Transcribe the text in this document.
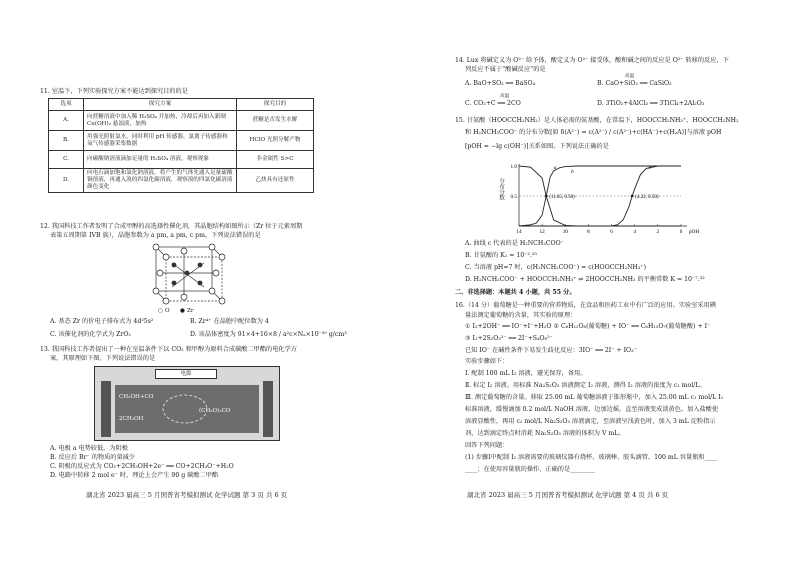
11. 室温下，下列实验探究方案不能达到探究目的的是
选项	探究方案	探究目的
A.	向蔗糖溶液中加入稀 H₂SO₄ 并加热，冷却后再加入新制 Cu(OH)₂ 悬浊液，加热	蔗糖是否发生水解
B.	用强光照射氯水，同时利用 pH 传感器、氯离子传感器和氧气传感器采集数据	HClO 光照分解产物
C.	向碳酸钠溶液滴加足量的 H₂SO₄ 溶液，观察现象	非金属性 S>C
D.	向电石滴加饱和氯化钠溶液，将产生的气体先通入足量硫酸铜溶液，再通入溴的四氯化碳溶液，观察溴的四氯化碳溶液颜色变化	乙炔具有还原性
12. 我国科技工作者发明了合成甲醇的高选择性催化剂，其晶胞结构如图所示（Zr 位于元素周期
表第五周期第 IVB 族），晶胞参数为 a pm, a pm, c pm。下列说法错误的是
○ O ● Zr
A. 基态 Zr 的价电子排布式为 4d²5s²	B. Zr⁴⁺ 在晶胞中配位数为 4
C. 该催化剂的化学式为 ZrO₂	D. 该晶体密度为 91×4+16×8 / a²c×Nₐ×10⁻³⁰ g/cm³
13. 我国科技工作者提出了一种在室温条件下以 CO₂ 和甲醇为原料合成碳酸二甲酯的电化学方
案，其原理如下图。下列说法错误的是
电源
CH₃OH+CO
2CH₃OH
(CH₃O)₂CO
A. 电极 a 电势较低，为阴极
B. 反应后 Br⁻ 的物质的量减少
C. 阴极的反应式为 CO₂+2CH₃OH+2e⁻ ══ CO+2CH₃O⁻+H₂O
D. 电路中转移 2 mol e⁻ 时，理论上会产生 90 g 碳酸二甲酯
湖北省 2023 届高三 5 月国普省考模拟测试 化学试题 第 3 页 共 6 页
14. Lux 将碱定义为 O²⁻ 给予体，酸定义为 O²⁻ 接受体，酸和碱之间的反应是 O²⁻ 转移的反应，下
列反应不属于“酸碱反应”的是
A. BaO+SO₂ ══ BaSO₄
高温
B. CaO+SiO₂ ══ CaSiO₃
高温
C. CO₂+C ══ 2CO	D. 3TiO₂+4AlCl₃ ══ 3TiCl₄+2Al₂O₃
15. 甘氨酸（HOOCCH₂NH₂）是人体必需的氨基酸，在常温下，HOOCCH₂NH₃⁺、HOOCCH₂NH₂
和 H₂NCH₂COO⁻ 的分布分数[如 δ(A²⁻) = c(A²⁻) / c(A²⁻)+c(HA⁻)+c(H₂A)]与溶液 pOH
[pOH = −lg c(OH⁻)]关系如图。下列说法正确的是
分布分数
14	12	10	8	6	4	2	0 pOH
1.0
0.5
a
b
c
(11.65, 0.50)	(4.22, 0.50)
A. 曲线 c 代表的是 H₂NCH₂COO⁻
B. 甘氨酸的 K₁ = 10⁻².³⁵
C. 当溶液 pH=7 时，c(H₂NCH₂COO⁻) = c(HOOCCH₂NH₃⁺)
D. H₂NCH₂COO⁻ + HOOCCH₂NH₃⁺ ⇌ 2HOOCCH₂NH₂ 的平衡常数 K = 10⁻⁷.³²
二、非选择题：本题共 4 小题，共 55 分。
16.（14 分）葡萄糖是一种重要的营养物质，在食品和医药工业中有广泛的应用。实验室采用碘
量法测定葡萄糖的含量，其实验的原理：
① I₂+2OH⁻ ══ IO⁻+I⁻+H₂O ② C₆H₁₂O₆(葡萄糖) + IO⁻ ══ C₆H₁₂O₇(葡萄糖酸) + I⁻
③ I₂+2S₂O₃²⁻ ══ 2I⁻+S₄O₆²⁻
已知 IO⁻ 在碱性条件下易发生歧化反应：3IO⁻ ══ 2I⁻ + IO₃⁻
实验步骤如下：
Ⅰ. 配制 100 mL I₂ 溶液，避光保存，备用。
Ⅱ. 标定 I₂ 溶液。用标准 Na₂S₂O₃ 溶液测定 I₂ 溶液，测得 I₂ 溶液的浓度为 c₁ mol/L。
Ⅲ. 测定葡萄糖的含量。移取 25.00 mL 葡萄糖溶液于锥形瓶中，加入 25.00 mL c₁ mol/L I₂
标准溶液，缓慢滴加 0.2 mol/L NaOH 溶液，边加边摇，直至溶液变成淡黄色。加入盐酸使
溶液显酸性，再用 c₂ mol/L Na₂S₂O₃ 溶液滴定，至溶液呈浅黄色时，加入 3 mL 淀粉指示
剂，达到滴定终点时消耗 Na₂S₂O₃ 溶液的体积为 V mL。
回答下列问题：
(1) 步骤Ⅰ中配制 I₂ 溶液需要的玻璃仪器有烧杯、玻璃棒、胶头滴管、100 mL 容量瓶和____
____；在使用容量瓶的操作，正确的是________
湖北省 2023 届高三 5 月国普省考模拟测试 化学试题 第 4 页 共 6 页
